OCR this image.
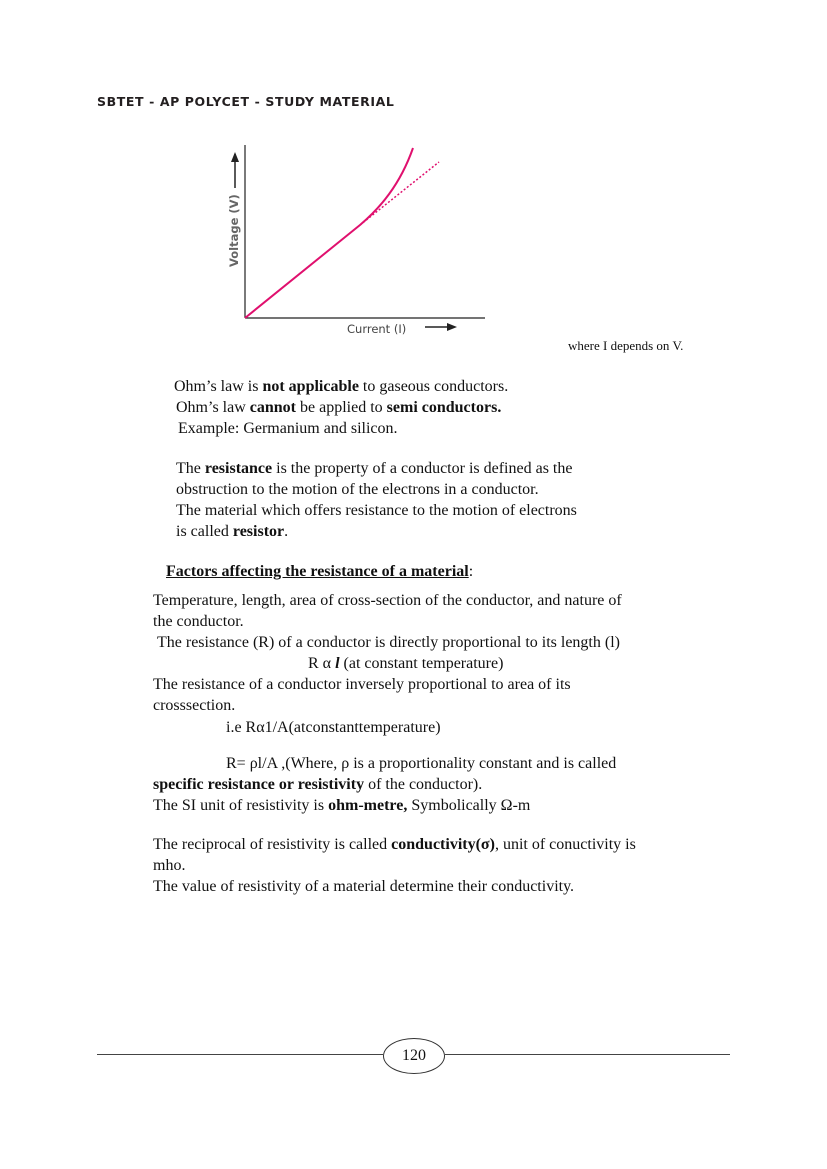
SBTET - AP POLYCET - STUDY MATERIAL
Voltage (V)
Current (I)
where I depends on V.
Ohm’s law is not applicable to gaseous conductors.
Ohm’s law cannot be applied to semi conductors.
Example: Germanium and silicon.
The resistance is the property of a conductor is defined as the
obstruction to the motion of the electrons in a conductor.
The material which offers resistance to the motion of electrons
is called resistor.
Factors affecting the resistance of a material:
Temperature, length, area of cross-section of the conductor, and nature of
the conductor.
The resistance (R) of a conductor is directly proportional to its length (l)
R α l (at constant temperature)
The resistance of a conductor inversely proportional to area of its
crosssection.
i.e Rα1/A(atconstanttemperature)
R= ρl/A ,(Where, ρ is a proportionality constant and is called
specific resistance or resistivity of the conductor).
The SI unit of resistivity is ohm-metre, Symbolically Ω-m
The reciprocal of resistivity is called conductivity(σ), unit of conuctivity is
mho.
The value of resistivity of a material determine their conductivity.
120
